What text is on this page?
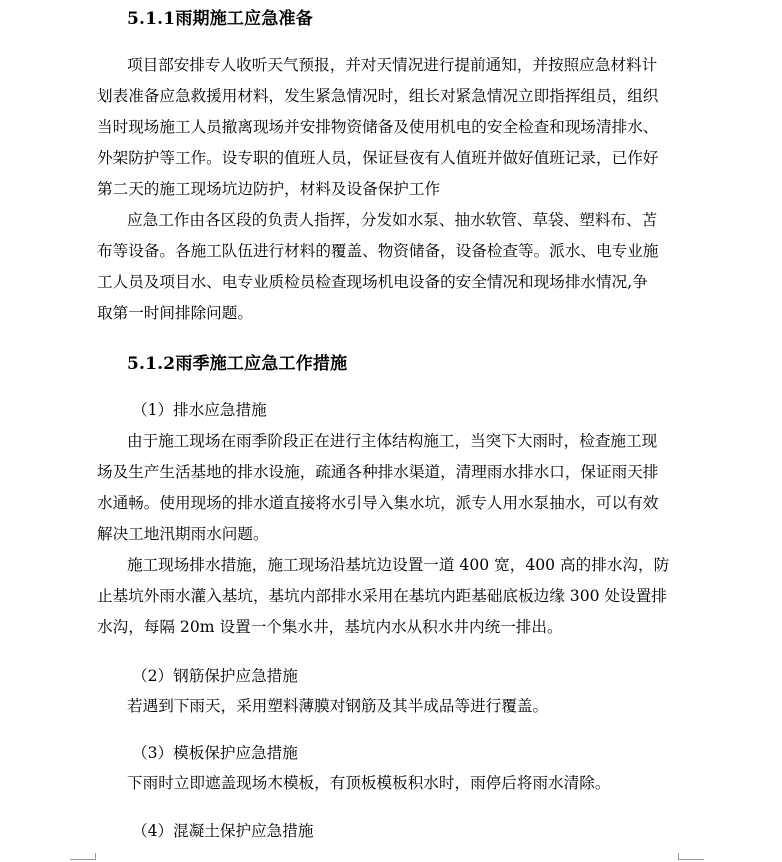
5.1.1雨期施工应急准备
项目部安排专人收听天气预报，并对天情况进行提前通知，并按照应急材料计
划表准备应急救援用材料，发生紧急情况时，组长对紧急情况立即指挥组员，组织
当时现场施工人员撤离现场并安排物资储备及使用机电的安全检查和现场清排水、
外架防护等工作。设专职的值班人员，保证昼夜有人值班并做好值班记录，已作好
第二天的施工现场坑边防护，材料及设备保护工作
应急工作由各区段的负责人指挥，分发如水泵、抽水软管、草袋、塑料布、苫
布等设备。各施工队伍进行材料的覆盖、物资储备，设备检查等。派水、电专业施
工人员及项目水、电专业质检员检查现场机电设备的安全情况和现场排水情况,争
取第一时间排除问题。
5.1.2雨季施工应急工作措施
（1）排水应急措施
由于施工现场在雨季阶段正在进行主体结构施工，当突下大雨时，检查施工现
场及生产生活基地的排水设施，疏通各种排水渠道，清理雨水排水口，保证雨天排
水通畅。使用现场的排水道直接将水引导入集水坑，派专人用水泵抽水，可以有效
解决工地汛期雨水问题。
施工现场排水措施，施工现场沿基坑边设置一道 400 宽，400 高的排水沟，防
止基坑外雨水灌入基坑，基坑内部排水采用在基坑内距基础底板边缘 300 处设置排
水沟，每隔 20m 设置一个集水井，基坑内水从积水井内统一排出。
（2）钢筋保护应急措施
若遇到下雨天，采用塑料薄膜对钢筋及其半成品等进行覆盖。
（3）模板保护应急措施
下雨时立即遮盖现场木模板，有顶板模板积水时，雨停后将雨水清除。
（4）混凝土保护应急措施
